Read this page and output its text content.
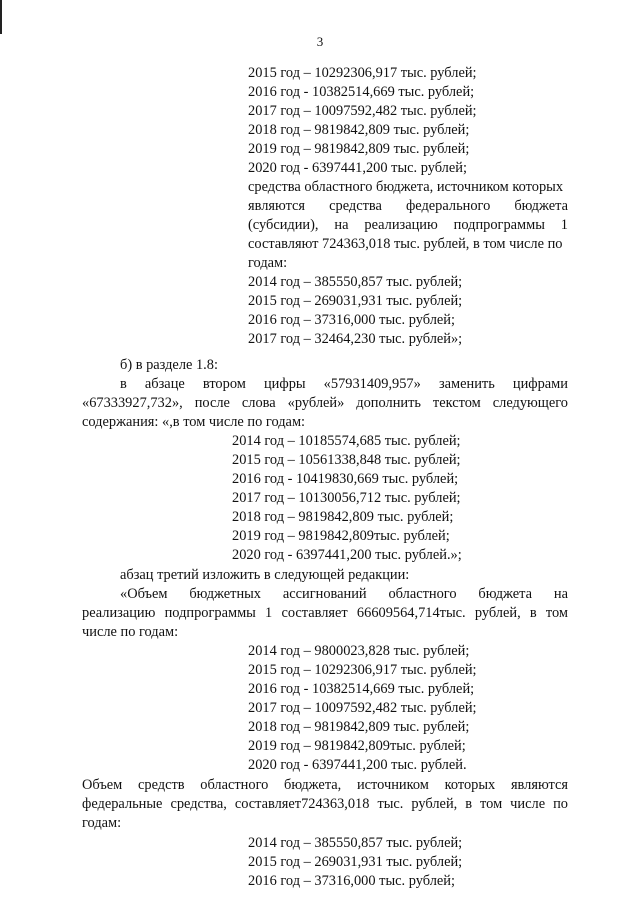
3
2015 год – 10292306,917 тыс. рублей;
2016 год - 10382514,669 тыс. рублей;
2017 год – 10097592,482 тыс. рублей;
2018 год – 9819842,809 тыс. рублей;
2019 год – 9819842,809 тыс. рублей;
2020 год - 6397441,200 тыс. рублей;
средства областного бюджета, источником которых
являются средства федерального бюджета
(субсидии), на реализацию подпрограммы 1
составляют 724363,018 тыс. рублей, в том числе по
годам:
2014 год – 385550,857 тыс. рублей;
2015 год – 269031,931 тыс. рублей;
2016 год – 37316,000 тыс. рублей;
2017 год – 32464,230 тыс. рублей»;
б) в разделе 1.8:
в абзаце втором цифры «57931409,957» заменить цифрами
«67333927,732», после слова «рублей» дополнить текстом следующего
содержания: «,в том числе по годам:
2014 год – 10185574,685 тыс. рублей;
2015 год – 10561338,848 тыс. рублей;
2016 год - 10419830,669 тыс. рублей;
2017 год – 10130056,712 тыс. рублей;
2018 год – 9819842,809 тыс. рублей;
2019 год – 9819842,809тыс. рублей;
2020 год - 6397441,200 тыс. рублей.»;
абзац третий изложить в следующей редакции:
«Объем бюджетных ассигнований областного бюджета на
реализацию подпрограммы 1 составляет 66609564,714тыс. рублей, в том
числе по годам:
2014 год – 9800023,828 тыс. рублей;
2015 год – 10292306,917 тыс. рублей;
2016 год - 10382514,669 тыс. рублей;
2017 год – 10097592,482 тыс. рублей;
2018 год – 9819842,809 тыс. рублей;
2019 год – 9819842,809тыс. рублей;
2020 год - 6397441,200 тыс. рублей.
Объем средств областного бюджета, источником которых являются
федеральные средства, составляет724363,018 тыс. рублей, в том числе по
годам:
2014 год – 385550,857 тыс. рублей;
2015 год – 269031,931 тыс. рублей;
2016 год – 37316,000 тыс. рублей;
